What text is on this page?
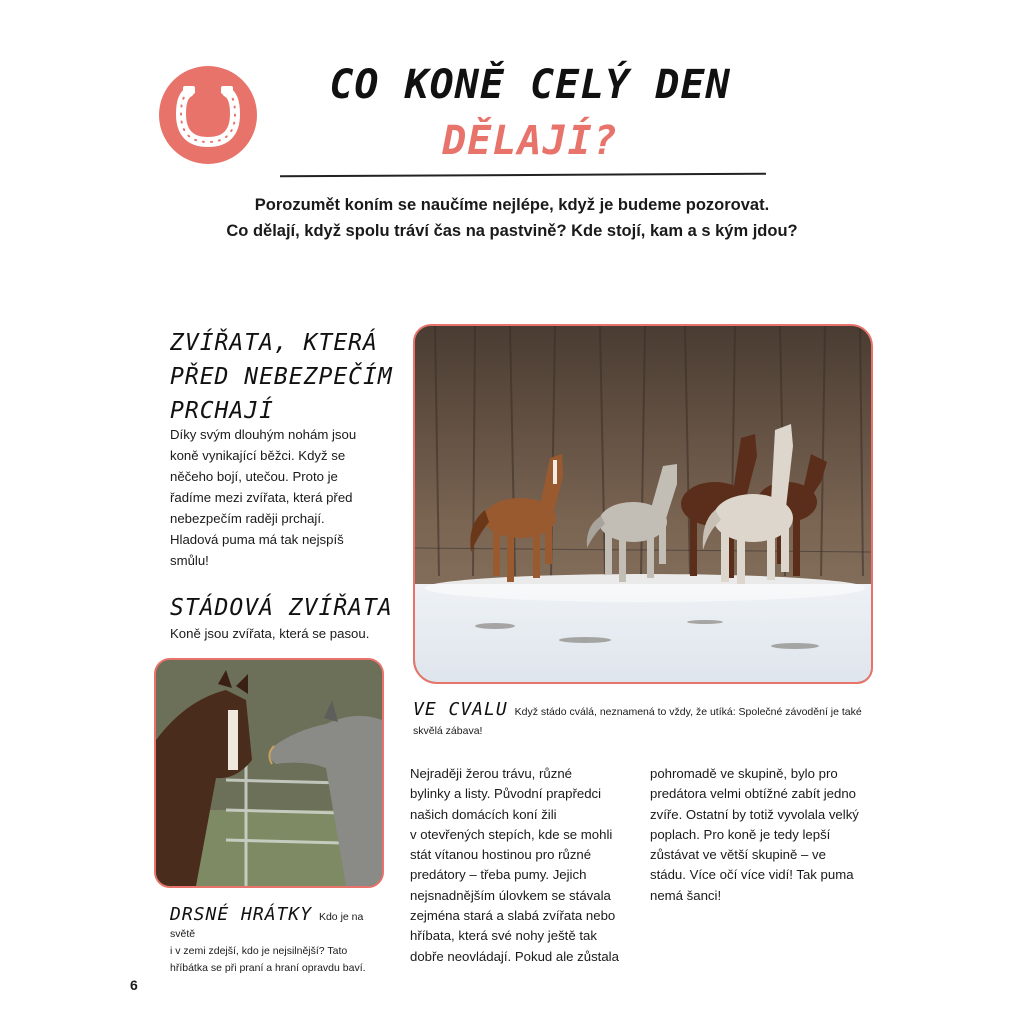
CO KONĚ CELÝ DEN
DĚLAJÍ?
Porozumět koním se naučíme nejlépe, když je budeme pozorovat.
Co dělají, když spolu tráví čas na pastvině? Kde stojí, kam a s kým jdou?
ZVÍŘATA, KTERÁ
PŘED NEBEZPEČÍM
PRCHAJÍ
Díky svým dlouhým nohám jsou
koně vynikající běžci. Když se
něčeho bojí, utečou. Proto je
řadíme mezi zvířata, která před
nebezpečím raději prchají.
Hladová puma má tak nejspíš
smůlu!
STÁDOVÁ ZVÍŘATA
Koně jsou zvířata, která se pasou.
VE CVALU Když stádo cválá, neznamená to vždy, že utíká: Společné závodění je také
skvělá zábava!
DRSNÉ HRÁTKY Kdo je na světě
i v zemi zdejší, kdo je nejsilnější? Tato
hříbátka se při praní a hraní opravdu baví.
Nejraději žerou trávu, různé
bylinky a listy. Původní prapředci
našich domácích koní žili
v otevřených stepích, kde se mohli
stát vítanou hostinou pro různé
predátory – třeba pumy. Jejich
nejsnadnějším úlovkem se stávala
zejména stará a slabá zvířata nebo
hříbata, která své nohy ještě tak
dobře neovládají. Pokud ale zůstala
pohromadě ve skupině, bylo pro
predátora velmi obtížné zabít jedno
zvíře. Ostatní by totiž vyvolala velký
poplach. Pro koně je tedy lepší
zůstávat ve větší skupině – ve
stádu. Více očí více vidí! Tak puma
nemá šanci!
6
